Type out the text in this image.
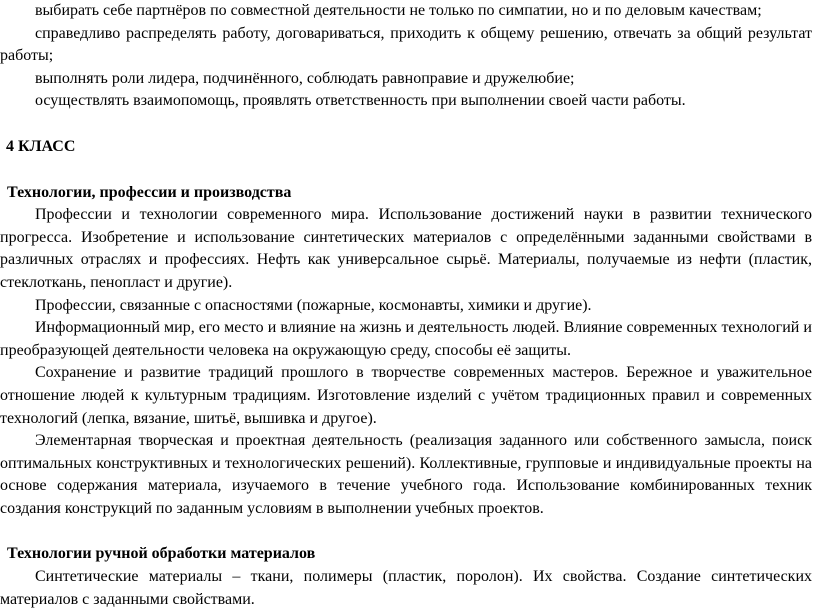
выбирать себе партнёров по совместной деятельности не только по симпатии, но и по деловым качествам;

справедливо распределять работу, договариваться, приходить к общему решению, отвечать за общий результат работы;

выполнять роли лидера, подчинённого, соблюдать равноправие и дружелюбие;

осуществлять взаимопомощь, проявлять ответственность при выполнении своей части работы.

4 КЛАСС

Технологии, профессии и производства

Профессии и технологии современного мира. Использование достижений науки в развитии технического прогресса. Изобретение и использование синтетических материалов с определёнными заданными свойствами в различных отраслях и профессиях. Нефть как универсальное сырьё. Материалы, получаемые из нефти (пластик, стеклоткань, пенопласт и другие).

Профессии, связанные с опасностями (пожарные, космонавты, химики и другие).

Информационный мир, его место и влияние на жизнь и деятельность людей. Влияние современных технологий и преобразующей деятельности человека на окружающую среду, способы её защиты.

Сохранение и развитие традиций прошлого в творчестве современных мастеров. Бережное и уважительное отношение людей к культурным традициям. Изготовление изделий с учётом традиционных правил и современных технологий (лепка, вязание, шитьё, вышивка и другое).

Элементарная творческая и проектная деятельность (реализация заданного или собственного замысла, поиск оптимальных конструктивных и технологических решений). Коллективные, групповые и индивидуальные проекты на основе содержания материала, изучаемого в течение учебного года. Использование комбинированных техник создания конструкций по заданным условиям в выполнении учебных проектов.

Технологии ручной обработки материалов

Синтетические материалы – ткани, полимеры (пластик, поролон). Их свойства. Создание синтетических материалов с заданными свойствами.
